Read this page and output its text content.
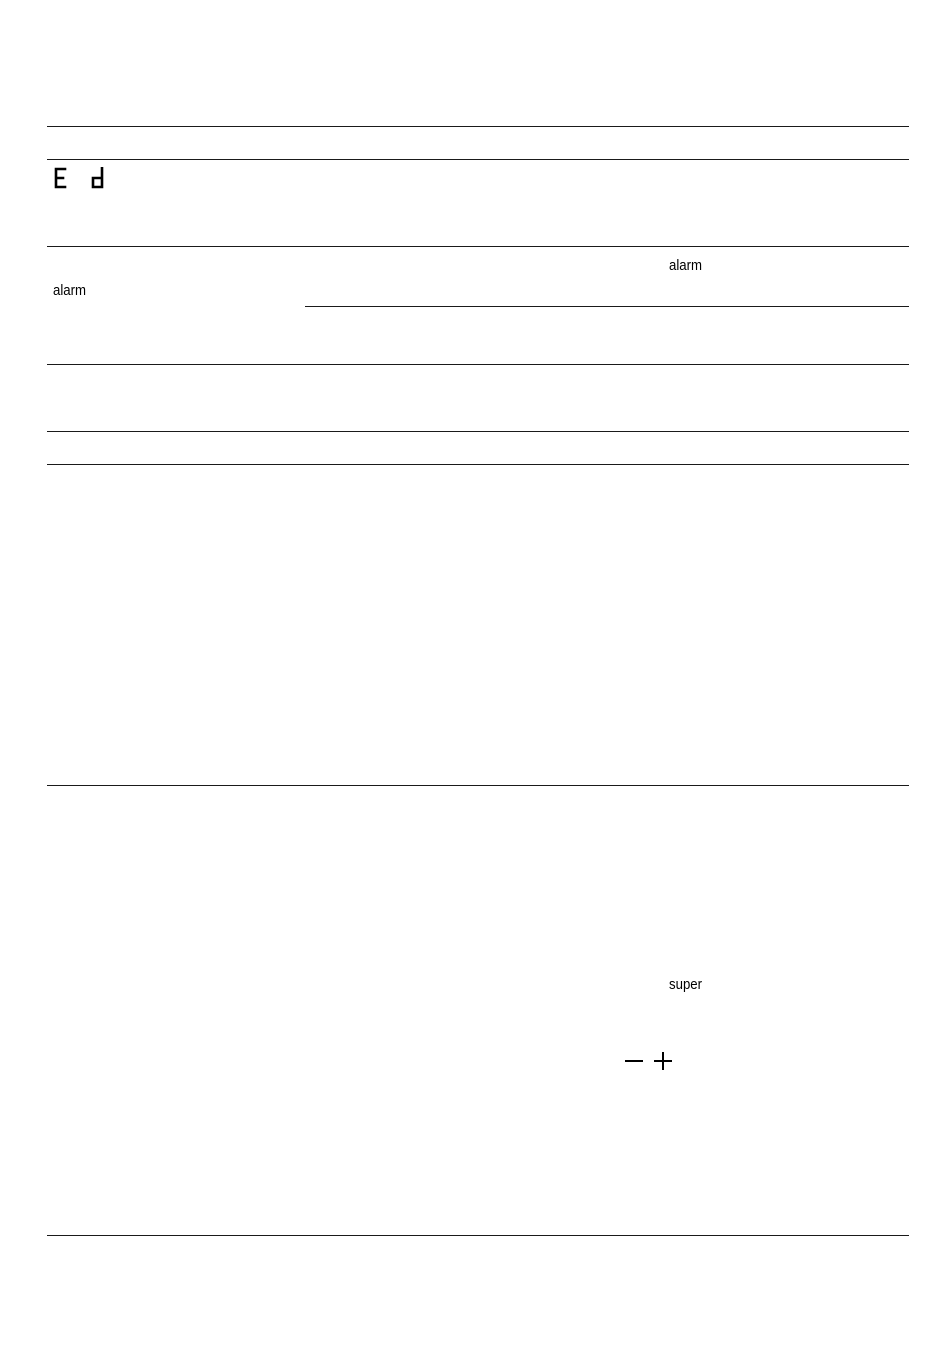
alarm
alarm
super
